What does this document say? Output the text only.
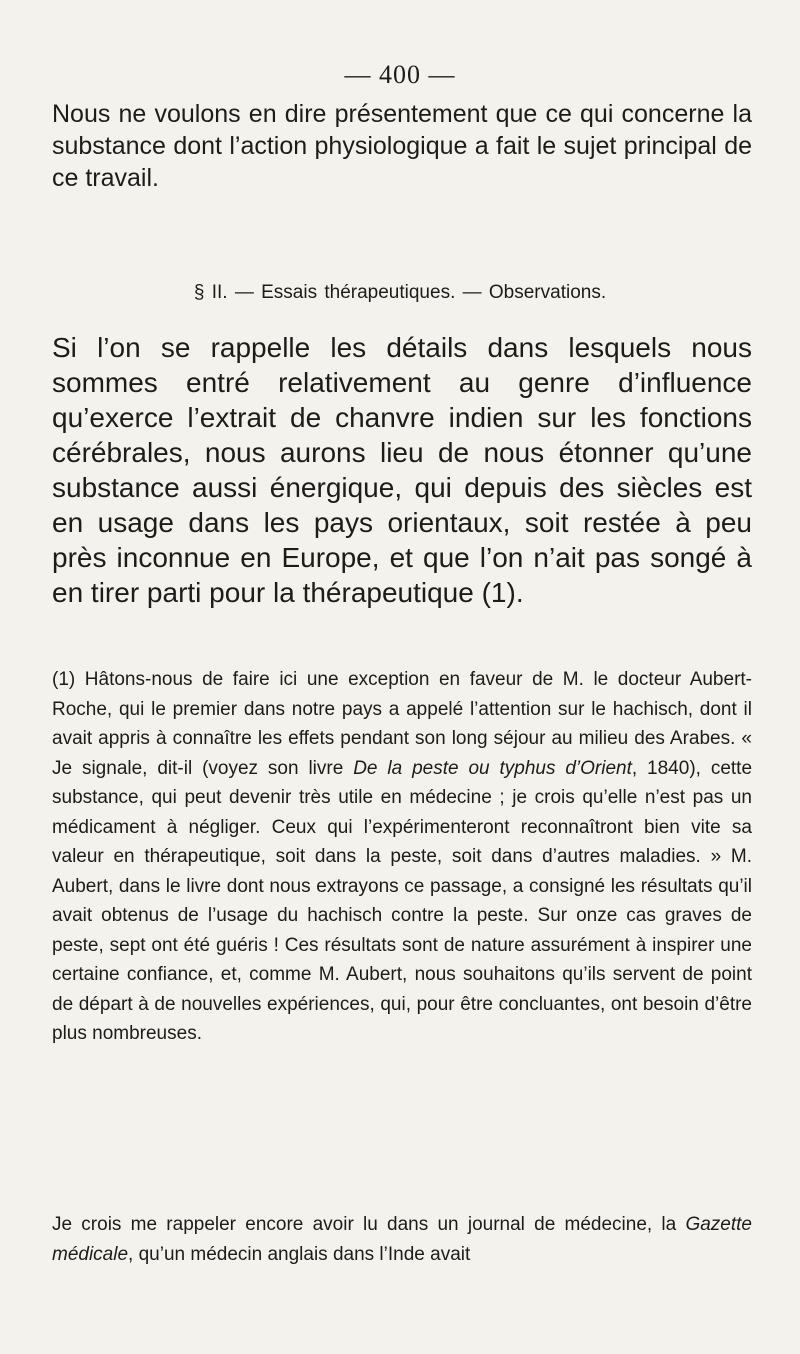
— 400 —

Nous ne voulons en dire présentement que ce qui concerne la substance dont l’action physiologique a fait le sujet principal de ce travail.

§ II. — Essais thérapeutiques. — Observations.

Si l’on se rappelle les détails dans lesquels nous sommes entré relativement au genre d’influence qu’exerce l’extrait de chanvre indien sur les fonctions cérébrales, nous aurons lieu de nous étonner qu’une substance aussi énergique, qui depuis des siècles est en usage dans les pays orientaux, soit restée à peu près inconnue en Europe, et que l’on n’ait pas songé à en tirer parti pour la thérapeutique (1).

(1) Hâtons-nous de faire ici une exception en faveur de M. le docteur Aubert-Roche, qui le premier dans notre pays a appelé l’attention sur le hachisch, dont il avait appris à connaître les effets pendant son long séjour au milieu des Arabes. « Je signale, dit-il (voyez son livre De la peste ou typhus d’Orient, 1840), cette substance, qui peut devenir très utile en médecine ; je crois qu’elle n’est pas un médicament à négliger. Ceux qui l’expérimenteront reconnaîtront bien vite sa valeur en thérapeutique, soit dans la peste, soit dans d’autres maladies. » M. Aubert, dans le livre dont nous extrayons ce passage, a consigné les résultats qu’il avait obtenus de l’usage du hachisch contre la peste. Sur onze cas graves de peste, sept ont été guéris ! Ces résultats sont de nature assurément à inspirer une certaine confiance, et, comme M. Aubert, nous souhaitons qu’ils servent de point de départ à de nouvelles expériences, qui, pour être concluantes, ont besoin d’être plus nombreuses.

Je crois me rappeler encore avoir lu dans un journal de médecine, la Gazette médicale, qu’un médecin anglais dans l’Inde avait
